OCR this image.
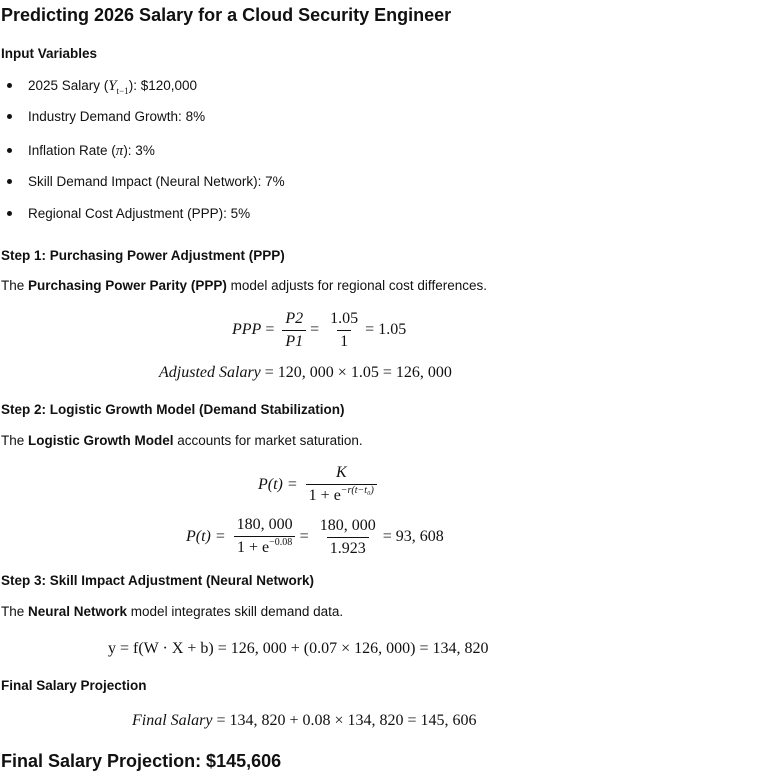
Predicting 2026 Salary for a Cloud Security Engineer
Input Variables
2025 Salary $(Y_{t-1})$: $120,000
Industry Demand Growth: 8%
Inflation Rate (π): 3%
Skill Demand Impact (Neural Network): 7%
Regional Cost Adjustment (PPP): 5%
Step 1: Purchasing Power Adjustment (PPP)
The Purchasing Power Parity (PPP) model adjusts for regional cost differences.
PPP = $\frac{P2}{P1} = \frac{1.05}{1} = 1.05$
Adjusted Salary = 120, 000 × 1.05 = 126, 000
Step 2: Logistic Growth Model (Demand Stabilization)
The Logistic Growth Model accounts for market saturation.
$P(t) = \frac{K}{1 + e^{-r(t-t_0)}}$
$P(t) = \frac{180, 000}{1 + e^{-0.08}} = \frac{180, 000}{1.923} = 93$, 608
Step 3: Skill Impact Adjustment (Neural Network)
The Neural Network model integrates skill demand data.
y = f(W · X + b) = 126, 000 + (0.07 × 126, 000) = 134, 820
Final Salary Projection
Final Salary = 134, 820 + 0.08 × 134, 820 = 145, 606
Final Salary Projection: $145,606
